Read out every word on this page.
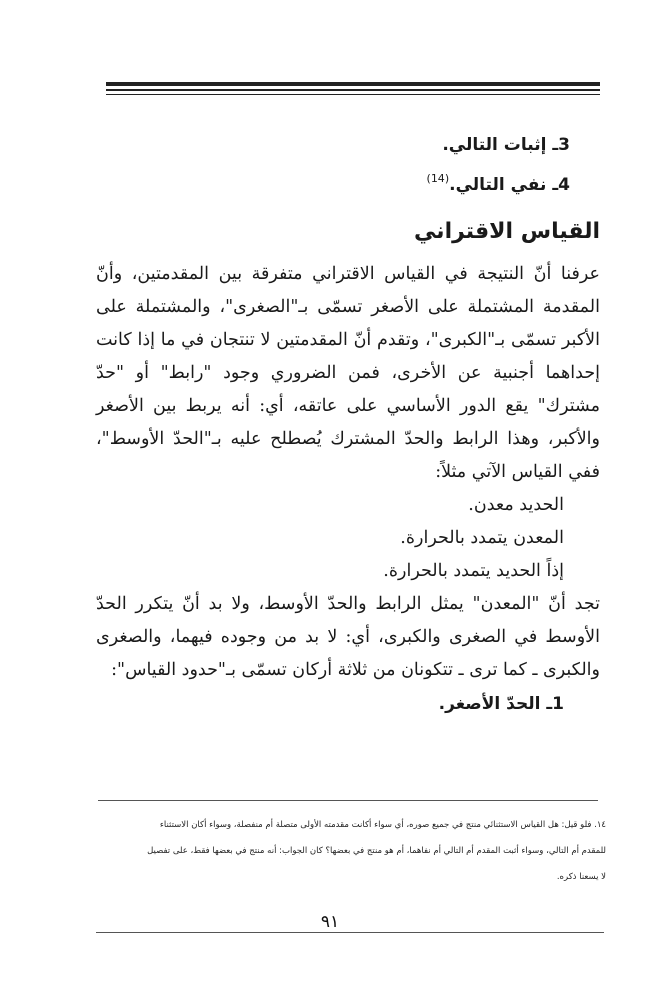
3ـ إثبات التالي.

4ـ نفي التالي.$^{(14)}$

القياس الاقتراني

عرفنا أنّ النتيجة في القياس الاقتراني متفرقة بين المقدمتين، وأنّ المقدمة المشتملة على الأصغر تسمّى بـ"الصغرى"، والمشتملة على الأكبر تسمّى بـ"الكبرى"، وتقدم أنّ المقدمتين لا تنتجان في ما إذا كانت إحداهما أجنبية عن الأخرى، فمن الضروري وجود "رابط" أو "حدّ مشترك" يقع الدور الأساسي على عاتقه، أي: أنه يربط بين الأصغر والأكبر، وهذا الرابط والحدّ المشترك يُصطلح عليه بـ"الحدّ الأوسط"، ففي القياس الآتي مثلاً:

الحديد معدن.

المعدن يتمدد بالحرارة.

إذاً الحديد يتمدد بالحرارة.

تجد أنّ "المعدن" يمثل الرابط والحدّ الأوسط، ولا بد أنّ يتكرر الحدّ الأوسط في الصغرى والكبرى، أي: لا بد من وجوده فيهما، والصغرى والكبرى ـ كما ترى ـ تتكونان من ثلاثة أركان تسمّى بـ"حدود القياس":

1ـ الحدّ الأصغر.

١٤. فلو قيل: هل القياس الاستثنائي منتج في جميع صوره، أي سواء أكانت مقدمته الأولى متصلة أم منفصلة، وسواء أكان الاستثناء

للمقدم أم التالي، وسواء أثبت المقدم أم التالي أم نفاهما، أم هو منتج في بعضها؟ كان الجواب: أنه منتج في بعضها فقط، على تفصيل

لا يسعنا ذكره.

٩١
